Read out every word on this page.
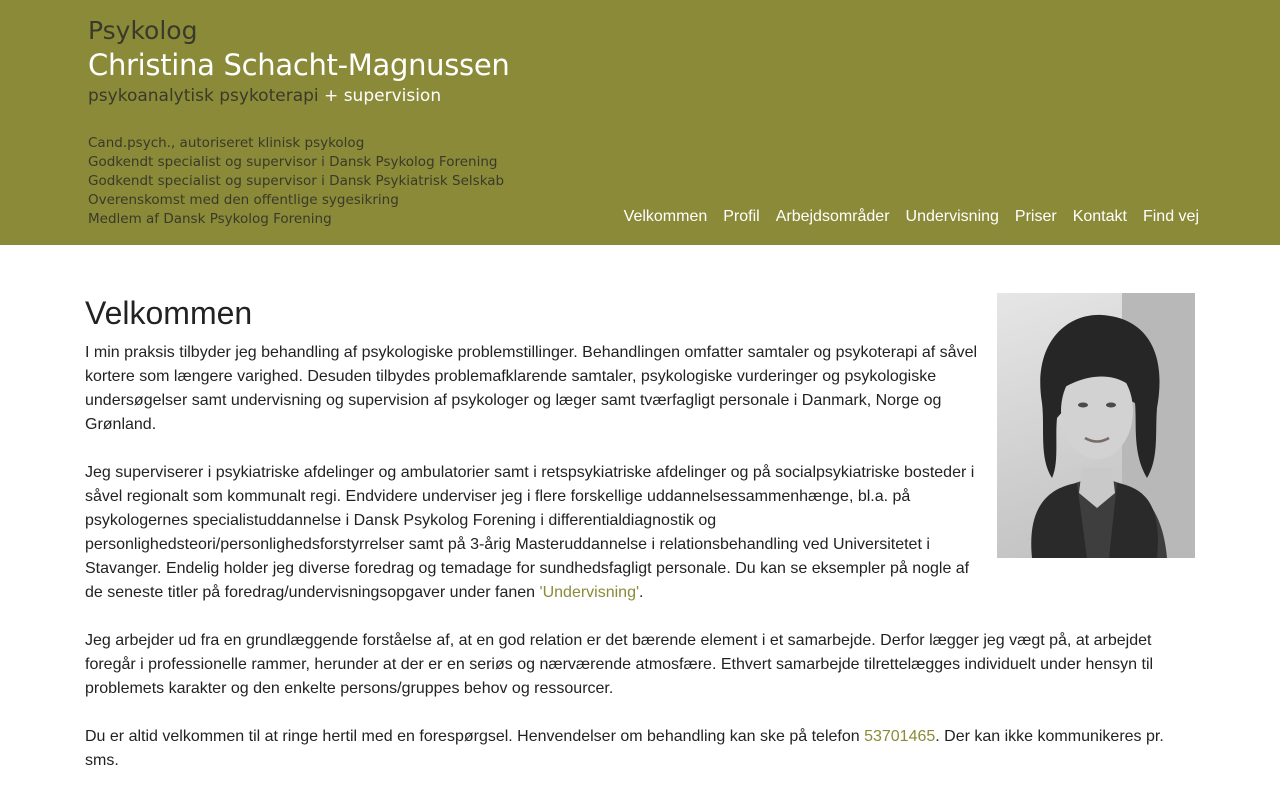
Psykolog
Christina Schacht-Magnussen
psykoanalytisk psykoterapi + supervision
Cand.psych., autoriseret klinisk psykolog
Godkendt specialist og supervisor i Dansk Psykolog Forening
Godkendt specialist og supervisor i Dansk Psykiatrisk Selskab
Overenskomst med den offentlige sygesikring
Medlem af Dansk Psykolog Forening	Velkommen Profil Arbejdsområder Undervisning Priser Kontakt Find vej
Velkommen

I min praksis tilbyder jeg behandling af psykologiske problemstillinger. Behandlingen omfatter samtaler og psykoterapi af såvel kortere som længere varighed. Desuden tilbydes problemafklarende samtaler, psykologiske vurderinger og psykologiske undersøgelser samt undervisning og supervision af psykologer og læger samt tværfagligt personale i Danmark, Norge og Grønland.

Jeg superviserer i psykiatriske afdelinger og ambulatorier samt i retspsykiatriske afdelinger og på socialpsykiatriske bosteder i såvel regionalt som kommunalt regi. Endvidere underviser jeg i flere forskellige uddannelsessammenhænge, bl.a. på psykologernes specialistuddannelse i Dansk Psykolog Forening i differentialdiagnostik og personlighedsteori/personlighedsforstyrrelser samt på 3-årig Masteruddannelse i relationsbehandling ved Universitetet i Stavanger. Endelig holder jeg diverse foredrag og temadage for sundhedsfagligt personale. Du kan se eksempler på nogle af de seneste titler på foredrag/undervisningsopgaver under fanen 'Undervisning'.

Jeg arbejder ud fra en grundlæggende forståelse af, at en god relation er det bærende element i et samarbejde. Derfor lægger jeg vægt på, at arbejdet foregår i professionelle rammer, herunder at der er en seriøs og nærværende atmosfære. Ethvert samarbejde tilrettelægges individuelt under hensyn til problemets karakter og den enkelte persons/gruppes behov og ressourcer.

Du er altid velkommen til at ringe hertil med en forespørgsel. Henvendelser om behandling kan ske på telefon 53701465. Der kan ikke kommunikeres pr. sms.
